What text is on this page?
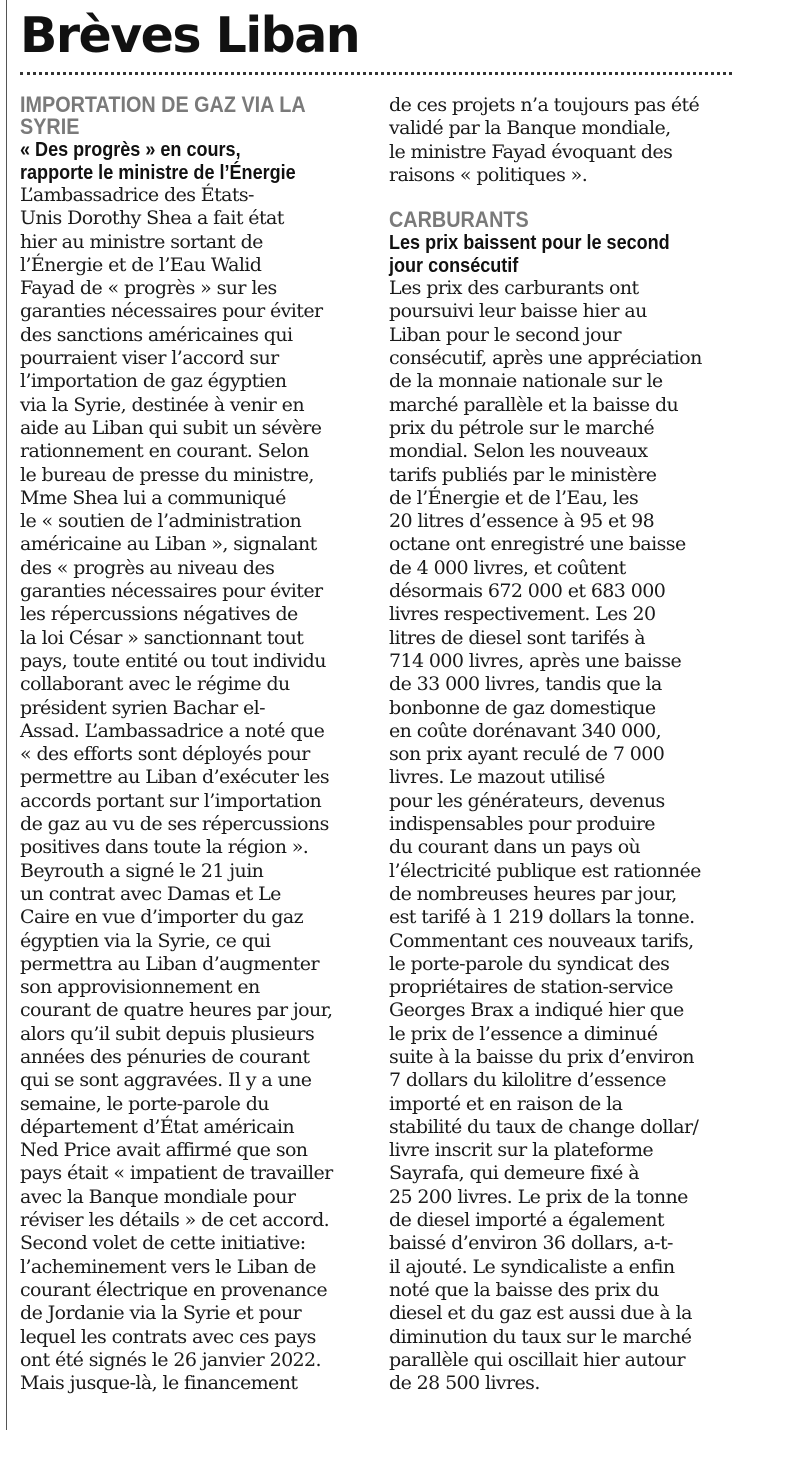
Brèves Liban
IMPORTATION DE GAZ VIA LA
SYRIE
« Des progrès » en cours,
rapporte le ministre de l’Énergie

L’ambassadrice des États-
Unis Dorothy Shea a fait état
hier au ministre sortant de
l’Énergie et de l’Eau Walid
Fayad de « progrès » sur les
garanties nécessaires pour éviter
des sanctions américaines qui
pourraient viser l’accord sur
l’importation de gaz égyptien
via la Syrie, destinée à venir en
aide au Liban qui subit un sévère
rationnement en courant. Selon
le bureau de presse du ministre,
Mme Shea lui a communiqué
le « soutien de l’administration
américaine au Liban », signalant
des « progrès au niveau des
garanties nécessaires pour éviter
les répercussions négatives de
la loi César » sanctionnant tout
pays, toute entité ou tout individu
collaborant avec le régime du
président syrien Bachar el-
Assad. L’ambassadrice a noté que
« des efforts sont déployés pour
permettre au Liban d’exécuter les
accords portant sur l’importation
de gaz au vu de ses répercussions
positives dans toute la région ».
Beyrouth a signé le 21 juin
un contrat avec Damas et Le
Caire en vue d’importer du gaz
égyptien via la Syrie, ce qui
permettra au Liban d’augmenter
son approvisionnement en
courant de quatre heures par jour,
alors qu’il subit depuis plusieurs
années des pénuries de courant
qui se sont aggravées. Il y a une
semaine, le porte-parole du
département d’État américain
Ned Price avait affirmé que son
pays était « impatient de travailler
avec la Banque mondiale pour
réviser les détails » de cet accord.
Second volet de cette initiative:
l’acheminement vers le Liban de
courant électrique en provenance
de Jordanie via la Syrie et pour
lequel les contrats avec ces pays
ont été signés le 26 janvier 2022.
Mais jusque-là, le financement

de ces projets n’a toujours pas été
validé par la Banque mondiale,
le ministre Fayad évoquant des
raisons « politiques ».

CARBURANTS
Les prix baissent pour le second
jour consécutif

Les prix des carburants ont
poursuivi leur baisse hier au
Liban pour le second jour
consécutif, après une appréciation
de la monnaie nationale sur le
marché parallèle et la baisse du
prix du pétrole sur le marché
mondial. Selon les nouveaux
tarifs publiés par le ministère
de l’Énergie et de l’Eau, les
20 litres d’essence à 95 et 98
octane ont enregistré une baisse
de 4 000 livres, et coûtent
désormais 672 000 et 683 000
livres respectivement. Les 20
litres de diesel sont tarifés à
714 000 livres, après une baisse
de 33 000 livres, tandis que la
bonbonne de gaz domestique
en coûte dorénavant 340 000,
son prix ayant reculé de 7 000
livres. Le mazout utilisé
pour les générateurs, devenus
indispensables pour produire
du courant dans un pays où
l’électricité publique est rationnée
de nombreuses heures par jour,
est tarifé à 1 219 dollars la tonne.
Commentant ces nouveaux tarifs,
le porte-parole du syndicat des
propriétaires de station-service
Georges Brax a indiqué hier que
le prix de l’essence a diminué
suite à la baisse du prix d’environ
7 dollars du kilolitre d’essence
importé et en raison de la
stabilité du taux de change dollar/
livre inscrit sur la plateforme
Sayrafa, qui demeure fixé à
25 200 livres. Le prix de la tonne
de diesel importé a également
baissé d’environ 36 dollars, a-t-
il ajouté. Le syndicaliste a enfin
noté que la baisse des prix du
diesel et du gaz est aussi due à la
diminution du taux sur le marché
parallèle qui oscillait hier autour
de 28 500 livres.
